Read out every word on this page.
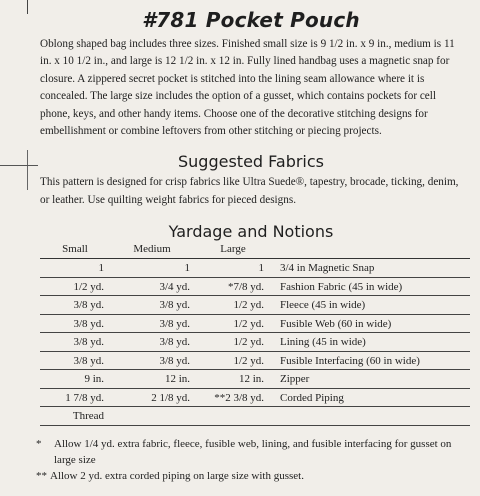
#781 Pocket Pouch

Oblong shaped bag includes three sizes. Finished small size is 9 1/2 in. x 9 in., medium is 11 in. x 10 1/2 in., and large is 12 1/2 in. x 12 in. Fully lined handbag uses a magnetic snap for closure. A zippered secret pocket is stitched into the lining seam allowance where it is concealed. The large size includes the option of a gusset, which contains pockets for cell phone, keys, and other handy items. Choose one of the decorative stitching designs for embellishment or combine leftovers from other stitching or piecing projects.

Suggested Fabrics

This pattern is designed for crisp fabrics like Ultra Suede®, tapestry, brocade, ticking, denim, or leather. Use quilting weight fabrics for pieced designs.

Yardage and Notions
Small	Medium	Large	
1	1	1	3/4 in Magnetic Snap
1/2 yd.	3/4 yd.	*7/8 yd.	Fashion Fabric (45 in wide)
3/8 yd.	3/8 yd.	1/2 yd.	Fleece (45 in wide)
3/8 yd.	3/8 yd.	1/2 yd.	Fusible Web (60 in wide)
3/8 yd.	3/8 yd.	1/2 yd.	Lining (45 in wide)
3/8 yd.	3/8 yd.	1/2 yd.	Fusible Interfacing (60 in wide)
9 in.	12 in.	12 in.	Zipper
1 7/8 yd.	2 1/8 yd.	**2 3/8 yd.	Corded Piping
Thread			
*	Allow 1/4 yd. extra fabric, fleece, fusible web, lining, and fusible interfacing for gusset on large size
** Allow 2 yd. extra corded piping on large size with gusset.
